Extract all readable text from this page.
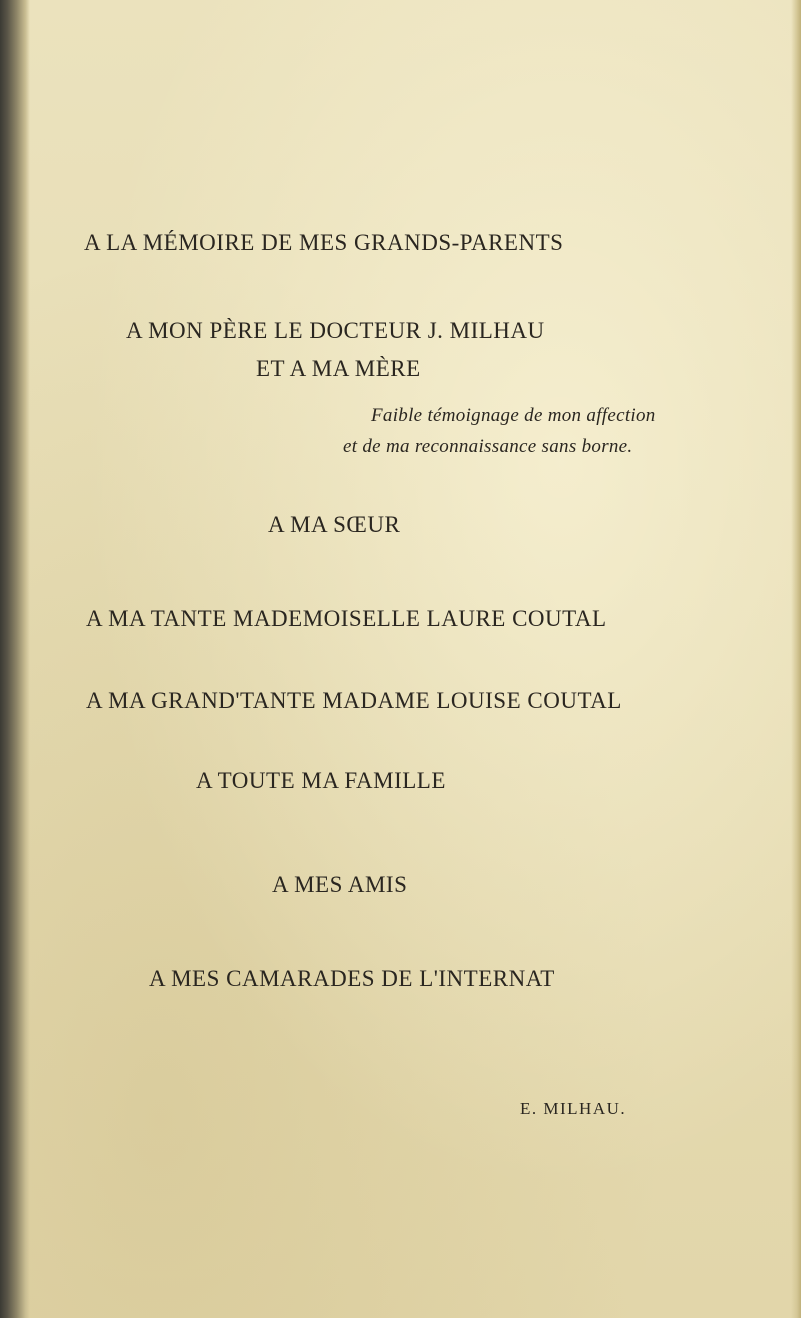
A LA MÉMOIRE DE MES GRANDS-PARENTS
A MON PÈRE LE DOCTEUR J. MILHAU
ET A MA MÈRE
Faible témoignage de mon affection
et de ma reconnaissance sans borne.
A MA SŒUR
A MA TANTE MADEMOISELLE LAURE COUTAL
A MA GRAND'TANTE MADAME LOUISE COUTAL
A TOUTE MA FAMILLE
A MES AMIS
A MES CAMARADES DE L'INTERNAT
E. MILHAU.
